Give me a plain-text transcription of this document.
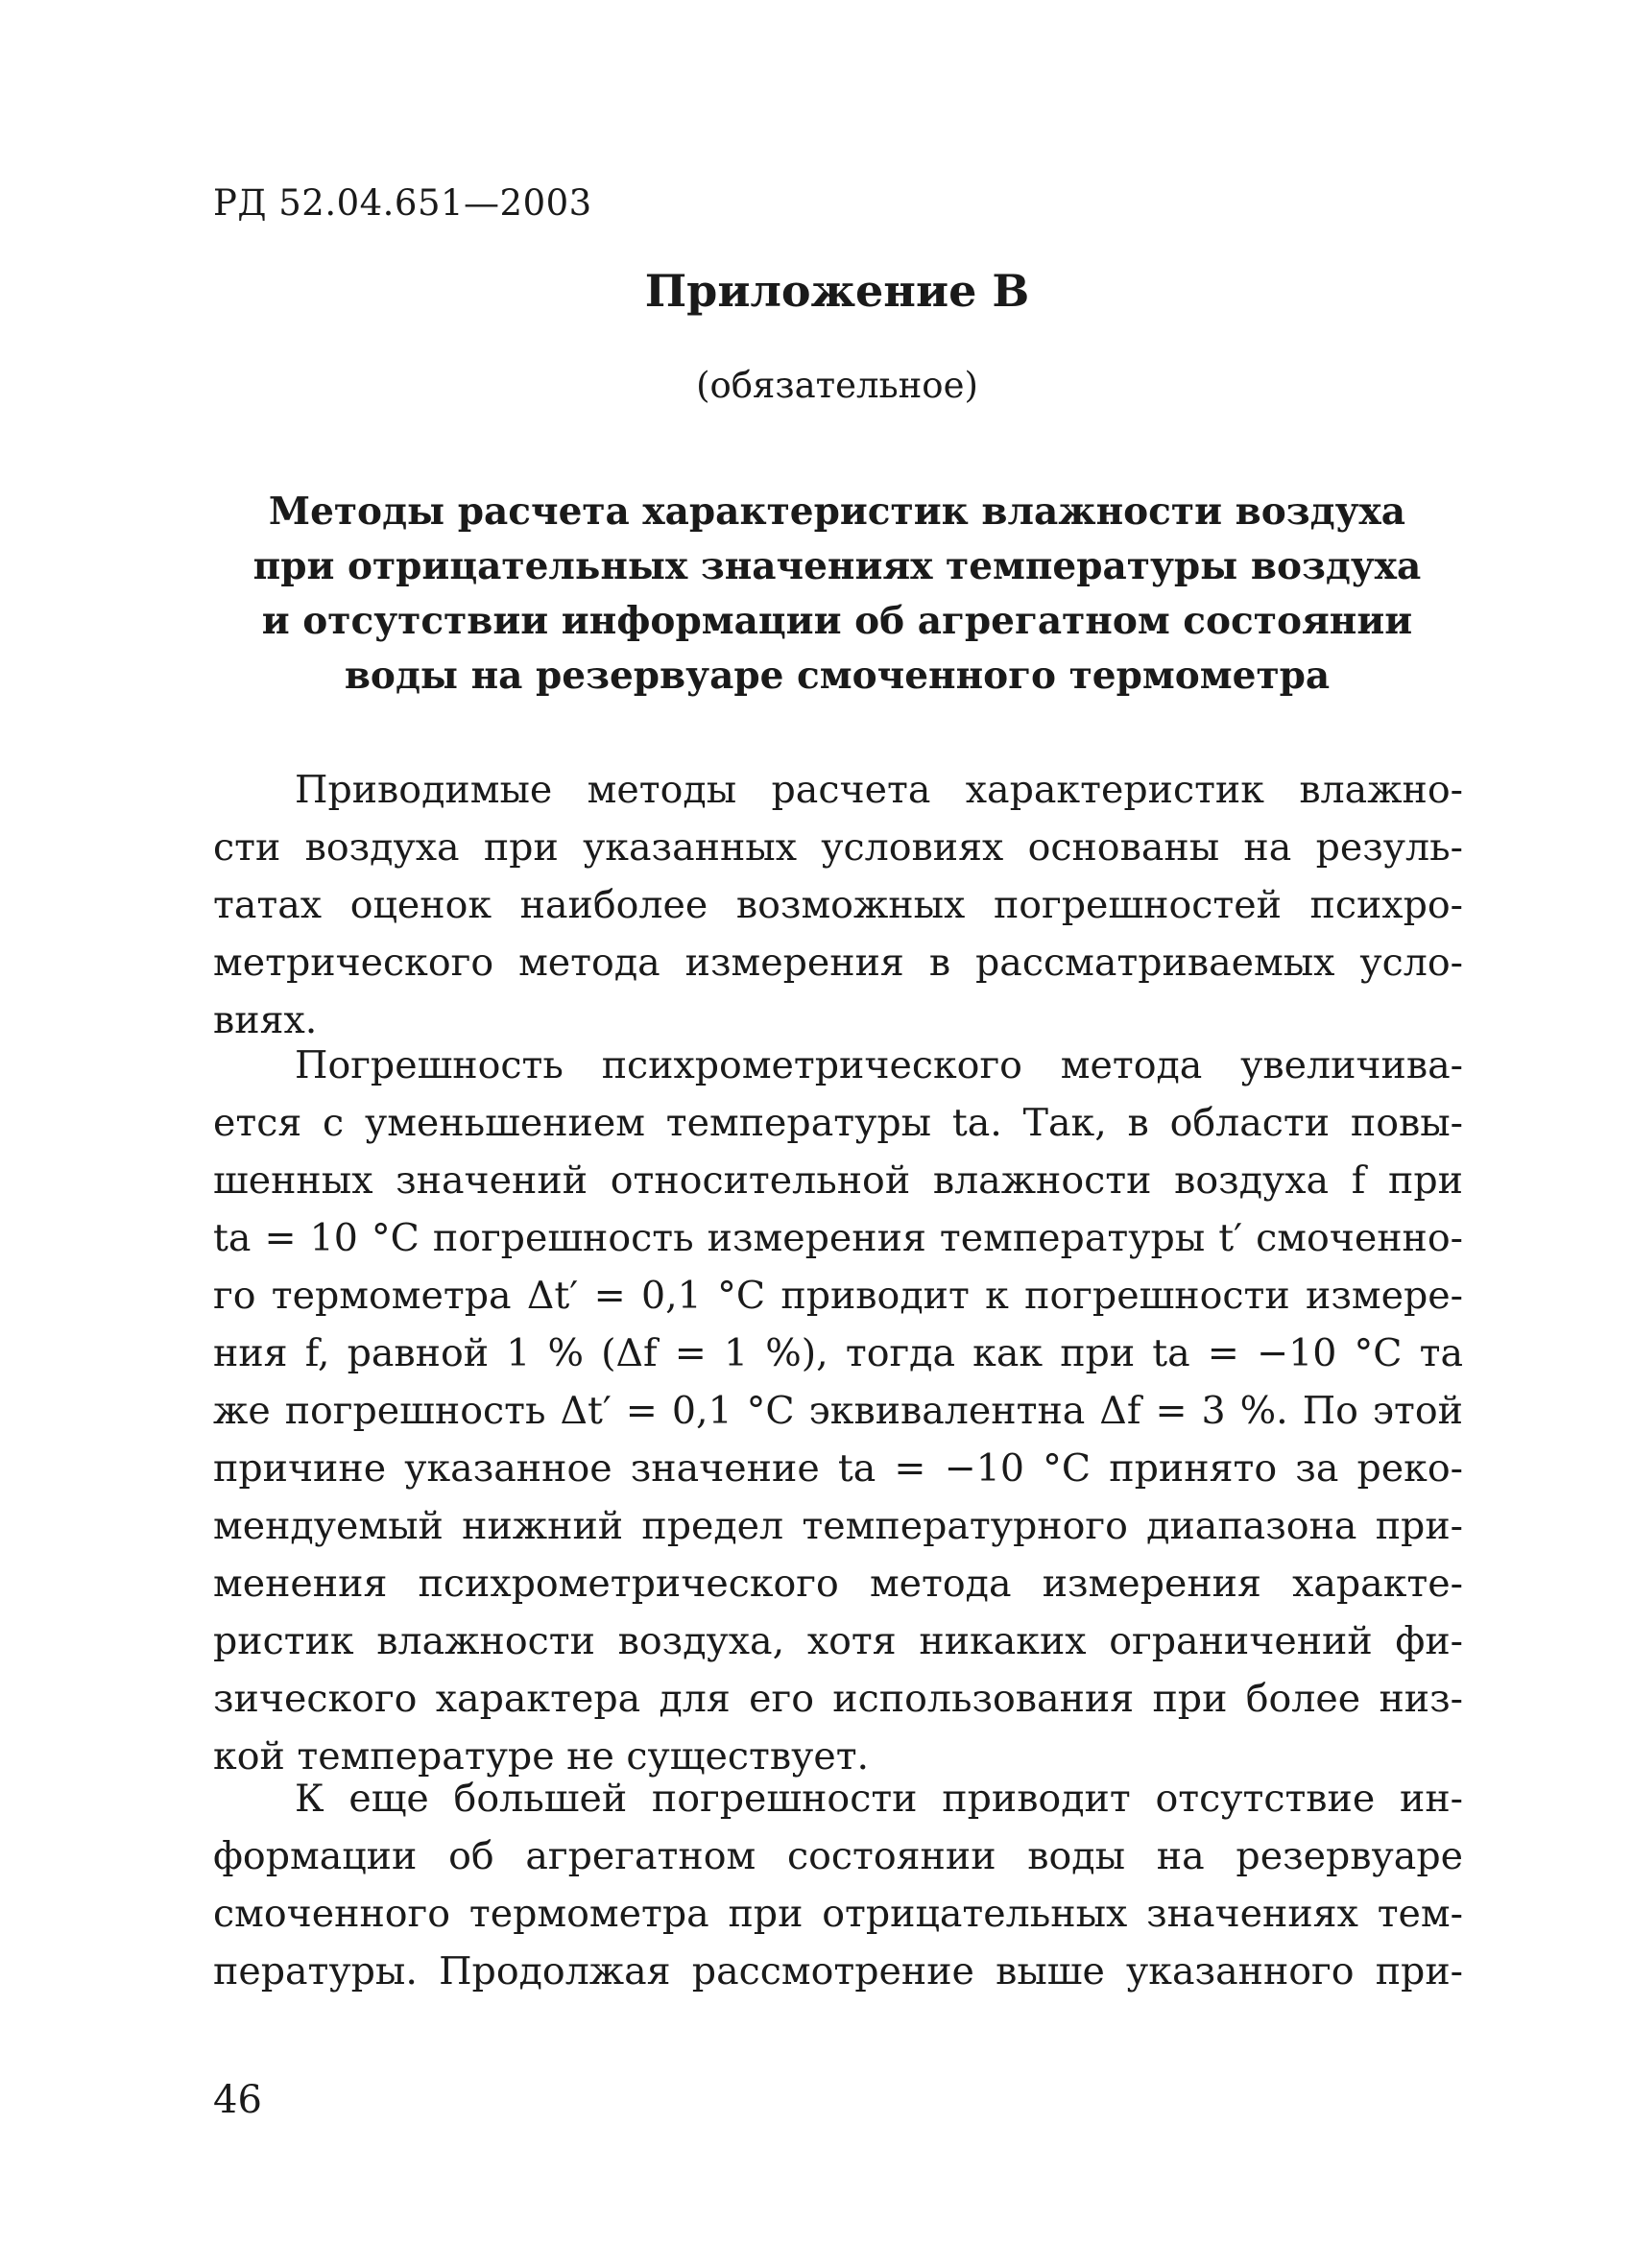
РД 52.04.651—2003
Приложение В
(обязательное)
Методы расчета характеристик влажности воздуха
при отрицательных значениях температуры воздуха
и отсутствии информации об агрегатном состоянии
воды на резервуаре смоченного термометра
Приводимые методы расчета характеристик влажно-
сти воздуха при указанных условиях основаны на резуль-
татах оценок наиболее возможных погрешностей психро-
метрического метода измерения в рассматриваемых усло-
виях.
Погрешность психрометрического метода увеличива-
ется с уменьшением температуры tа. Так, в области повы-
шенных значений относительной влажности воздуха f при
tа = 10 °С погрешность измерения температуры t′ смоченно-
го термометра Δt′ = 0,1 °С приводит к погрешности измере-
ния f, равной 1 % (Δf = 1 %), тогда как при tа = −10 °С та
же погрешность Δt′ = 0,1 °С эквивалентна Δf = 3 %. По этой
причине указанное значение tа = −10 °С принято за реко-
мендуемый нижний предел температурного диапазона при-
менения психрометрического метода измерения характе-
ристик влажности воздуха, хотя никаких ограничений фи-
зического характера для его использования при более низ-
кой температуре не существует.
К еще большей погрешности приводит отсутствие ин-
формации об агрегатном состоянии воды на резервуаре
смоченного термометра при отрицательных значениях тем-
пературы. Продолжая рассмотрение выше указанного при-
46
